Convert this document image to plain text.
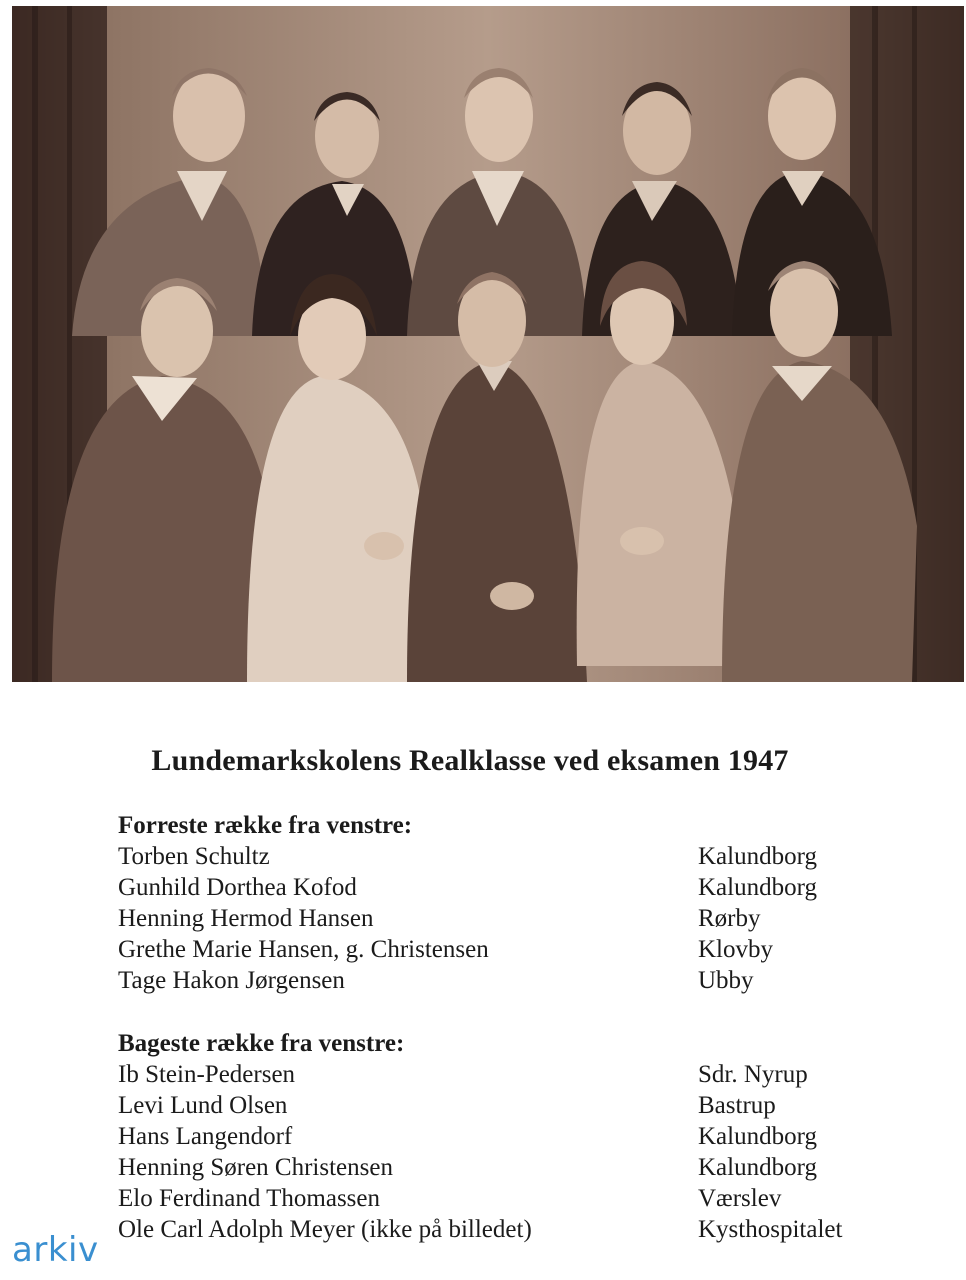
Lundemarkskolens Realklasse ved eksamen 1947
Forreste række fra venstre:
Torben Schultz	Kalundborg
Gunhild Dorthea Kofod	Kalundborg
Henning Hermod Hansen	Rørby
Grethe Marie Hansen, g. Christensen	Klovby
Tage Hakon Jørgensen	Ubby
Bageste række fra venstre:
Ib Stein-Pedersen	Sdr. Nyrup
Levi Lund Olsen	Bastrup
Hans Langendorf	Kalundborg
Henning Søren Christensen	Kalundborg
Elo Ferdinand Thomassen	Værslev
Ole Carl Adolph Meyer (ikke på billedet)	Kysthospitalet
arkiv
